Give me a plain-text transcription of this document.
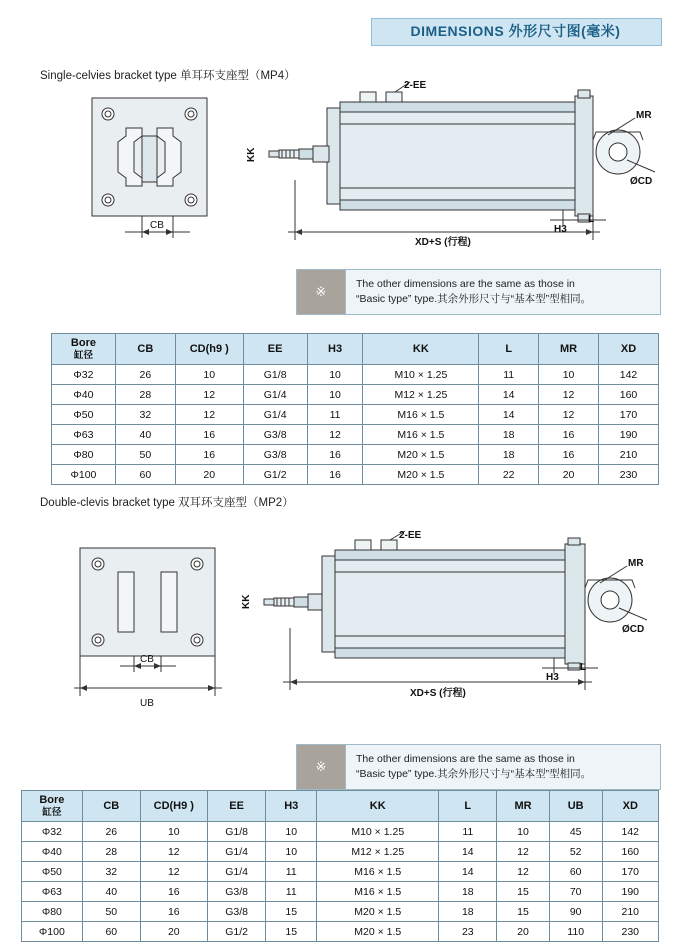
DIMENSIONS 外形尺寸图(毫米)
Single-celvies bracket type 单耳环支座型（MP4）
2-EE
MR
ØCD
KK
H3
L
CB
XD+S (行程)
※	The other dimensions are the same as those in
“Basic type” type.其余外形尺寸与“基本型”型相同。
Bore
缸径	CB	CD(h9 )	EE	H3	KK	L	MR	XD
Φ32	26	10	G1/8	10	M10 × 1.25	11	10	142
Φ40	28	12	G1/4	10	M12 × 1.25	14	12	160
Φ50	32	12	G1/4	11	M16 × 1.5	14	12	170
Φ63	40	16	G3/8	12	M16 × 1.5	18	16	190
Φ80	50	16	G3/8	16	M20 × 1.5	18	16	210
Φ100	60	20	G1/2	16	M20 × 1.5	22	20	230
Double-clevis bracket type 双耳环支座型（MP2）
2-EE
MR
ØCD
KK
H3
L
CB
UB
XD+S (行程)
※	The other dimensions are the same as those in
“Basic type” type.其余外形尺寸与“基本型”型相同。
Bore
缸径	CB	CD(H9 )	EE	H3	KK	L	MR	UB	XD
Φ32	26	10	G1/8	10	M10 × 1.25	11	10	45	142
Φ40	28	12	G1/4	10	M12 × 1.25	14	12	52	160
Φ50	32	12	G1/4	11	M16 × 1.5	14	12	60	170
Φ63	40	16	G3/8	11	M16 × 1.5	18	15	70	190
Φ80	50	16	G3/8	15	M20 × 1.5	18	15	90	210
Φ100	60	20	G1/2	15	M20 × 1.5	23	20	110	230
